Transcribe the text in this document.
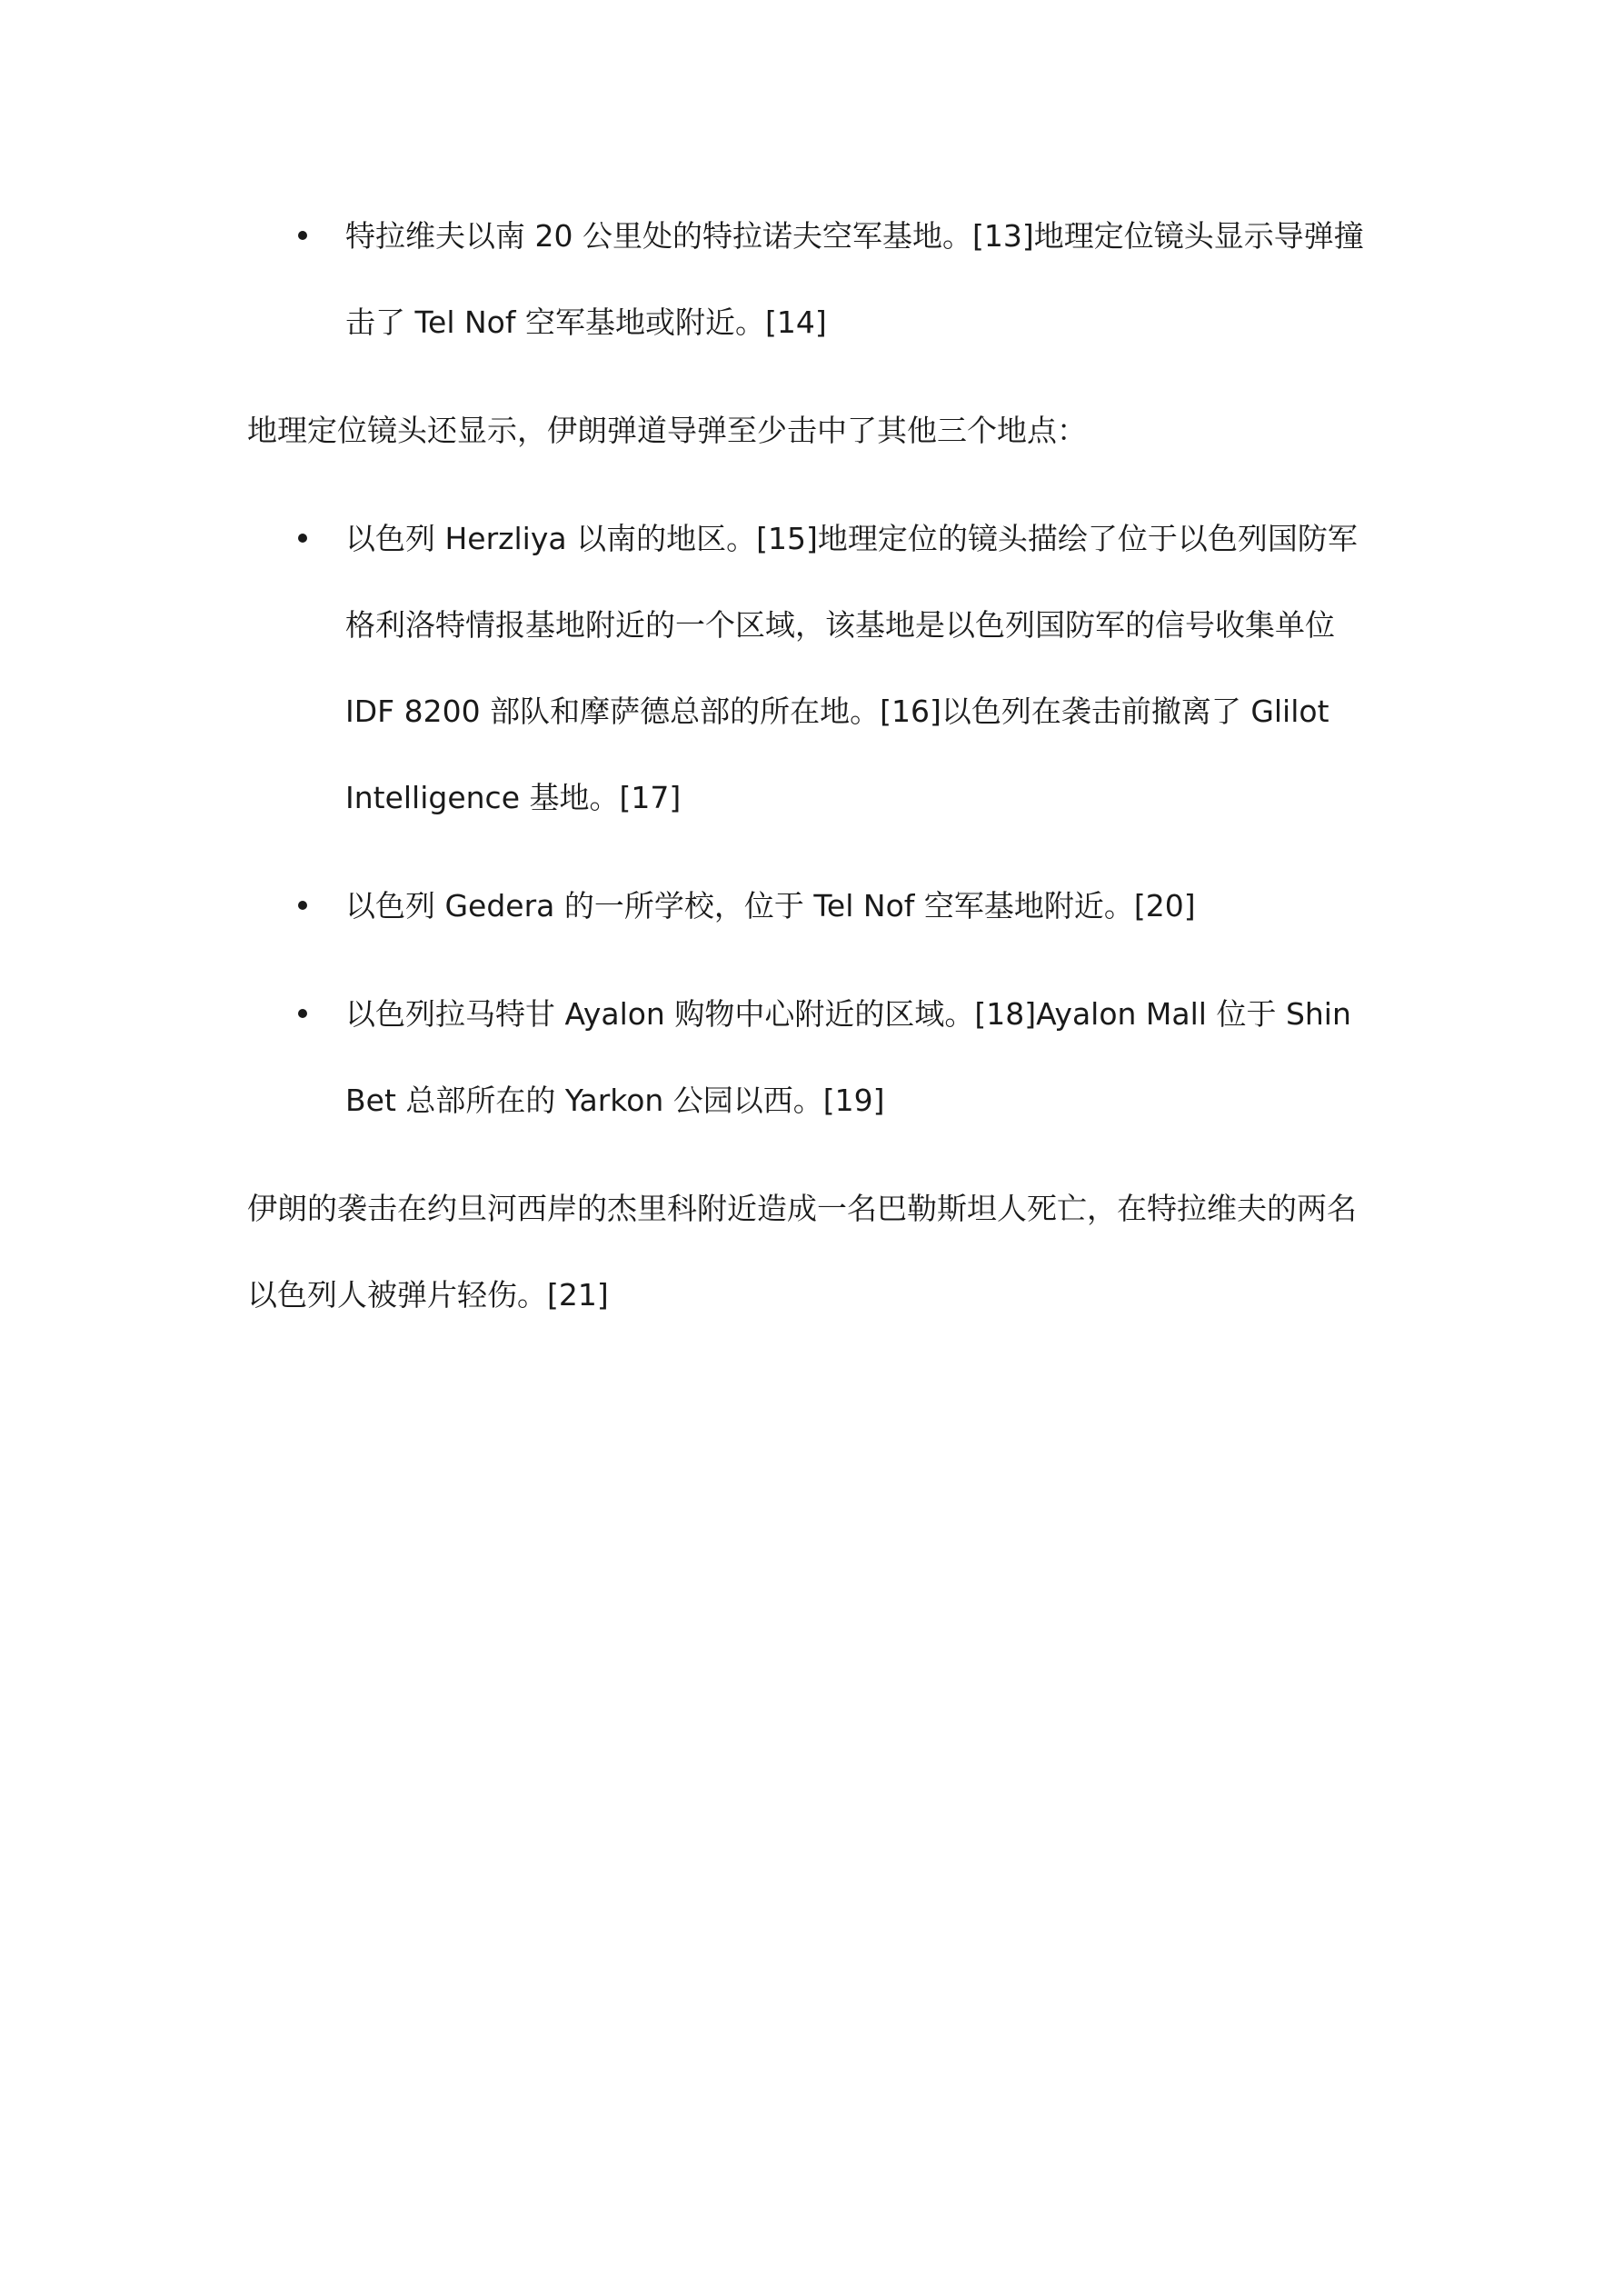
特拉维夫以南 20 公里处的特拉诺夫空军基地。[13]地理定位镜头显示导弹撞击了 Tel Nof 空军基地或附近。[14]

地理定位镜头还显示，伊朗弹道导弹至少击中了其他三个地点：

以色列 Herzliya 以南的地区。[15]地理定位的镜头描绘了位于以色列国防军格利洛特情报基地附近的一个区域，该基地是以色列国防军的信号收集单位 IDF 8200 部队和摩萨德总部的所在地。[16]以色列在袭击前撤离了 Glilot Intelligence 基地。[17]
以色列 Gedera 的一所学校，位于 Tel Nof 空军基地附近。[20]
以色列拉马特甘 Ayalon 购物中心附近的区域。[18]Ayalon Mall 位于 Shin Bet 总部所在的 Yarkon 公园以西。[19]

伊朗的袭击在约旦河西岸的杰里科附近造成一名巴勒斯坦人死亡，在特拉维夫的两名以色列人被弹片轻伤。[21]
